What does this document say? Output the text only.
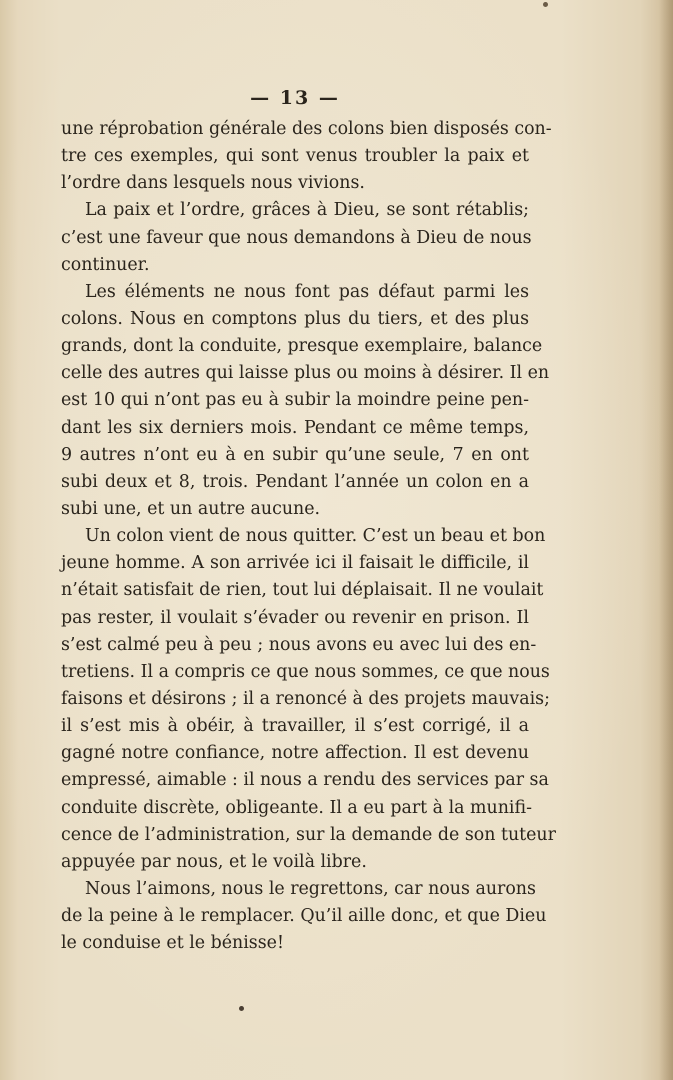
— 13 —
une réprobation générale des colons bien disposés con-
tre ces exemples, qui sont venus troubler la paix et
l’ordre dans lesquels nous vivions.
La paix et l’ordre, grâces à Dieu, se sont rétablis;
c’est une faveur que nous demandons à Dieu de nous
continuer.
Les éléments ne nous font pas défaut parmi les
colons. Nous en comptons plus du tiers, et des plus
grands, dont la conduite, presque exemplaire, balance
celle des autres qui laisse plus ou moins à désirer. Il en
est 10 qui n’ont pas eu à subir la moindre peine pen-
dant les six derniers mois. Pendant ce même temps,
9 autres n’ont eu à en subir qu’une seule, 7 en ont
subi deux et 8, trois. Pendant l’année un colon en a
subi une, et un autre aucune.
Un colon vient de nous quitter. C’est un beau et bon
jeune homme. A son arrivée ici il faisait le difficile, il
n’était satisfait de rien, tout lui déplaisait. Il ne voulait
pas rester, il voulait s’évader ou revenir en prison. Il
s’est calmé peu à peu ; nous avons eu avec lui des en-
tretiens. Il a compris ce que nous sommes, ce que nous
faisons et désirons ; il a renoncé à des projets mauvais;
il s’est mis à obéir, à travailler, il s’est corrigé, il a
gagné notre confiance, notre affection. Il est devenu
empressé, aimable : il nous a rendu des services par sa
conduite discrète, obligeante. Il a eu part à la munifi-
cence de l’administration, sur la demande de son tuteur
appuyée par nous, et le voilà libre.
Nous l’aimons, nous le regrettons, car nous aurons
de la peine à le remplacer. Qu’il aille donc, et que Dieu
le conduise et le bénisse!
